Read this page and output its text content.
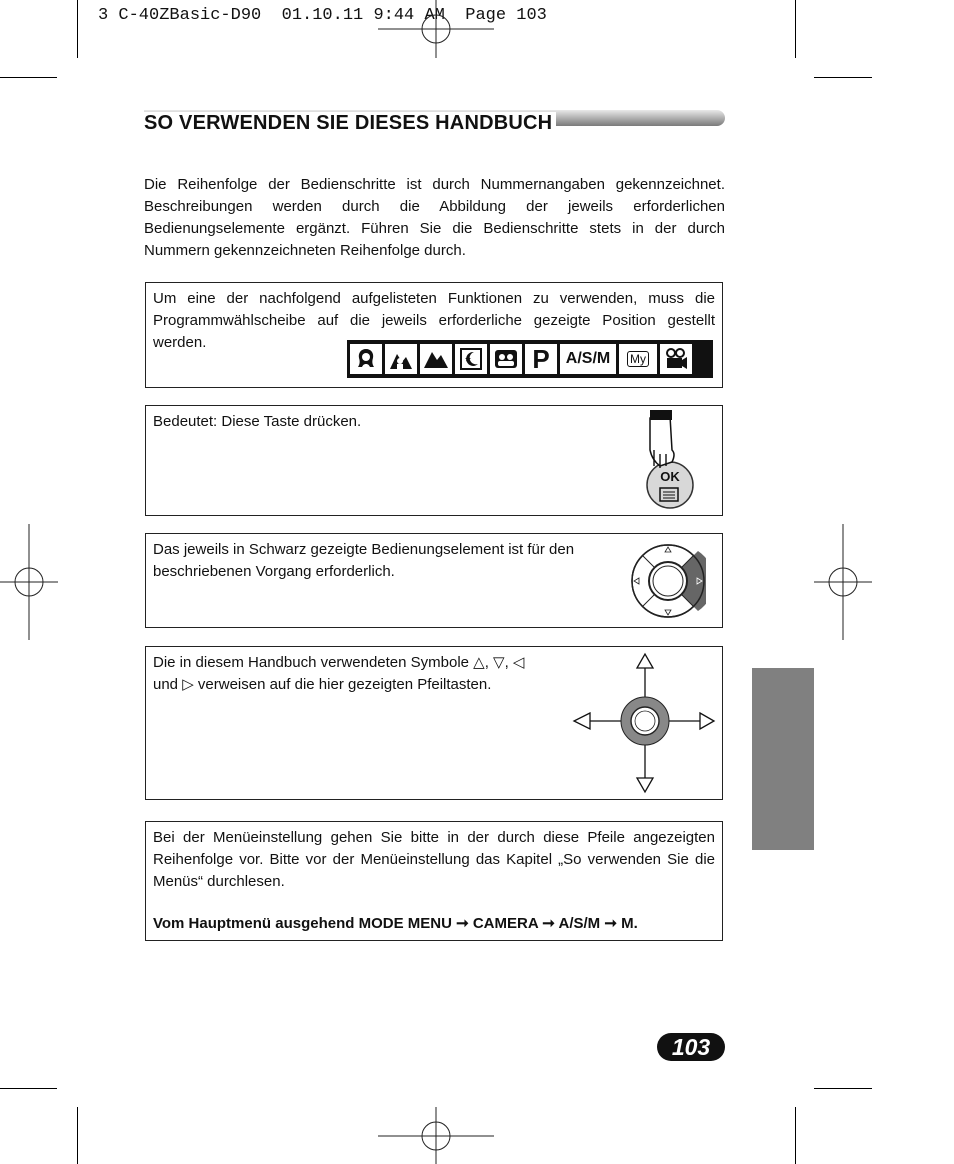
3 C-40ZBasic-D90  01.10.11 9:44 AM  Page 103
SO VERWENDEN SIE DIESES HANDBUCH

Die Reihenfolge der Bedienschritte ist durch Nummernangaben gekennzeichnet. Beschreibungen werden durch die Abbildung der jeweils erforderlichen Bedienungselemente ergänzt. Führen Sie die Bedienschritte stets in der durch Nummern gekennzeichneten Reihenfolge durch.

Um eine der nachfolgend aufgelisteten Funktionen zu verwenden, muss die Programmwählscheibe auf die jeweils erforderliche gezeigte Position gestellt werden.

P	A/S/M	My

Bedeutet: Diese Taste drücken.

OK

Das jeweils in Schwarz gezeigte Bedienungselement ist für den beschriebenen Vorgang erforderlich.

Die in diesem Handbuch verwendeten Symbole △, ▽, ◁ und ▷ verweisen auf die hier gezeigten Pfeiltasten.

Bei der Menüeinstellung gehen Sie bitte in der durch diese Pfeile angezeigten Reihenfolge vor. Bitte vor der Menüeinstellung das Kapitel „So verwenden Sie die Menüs“ durchlesen.

Vom Hauptmenü ausgehend MODE MENU ➞ CAMERA ➞ A/S/M ➞ M.

103
